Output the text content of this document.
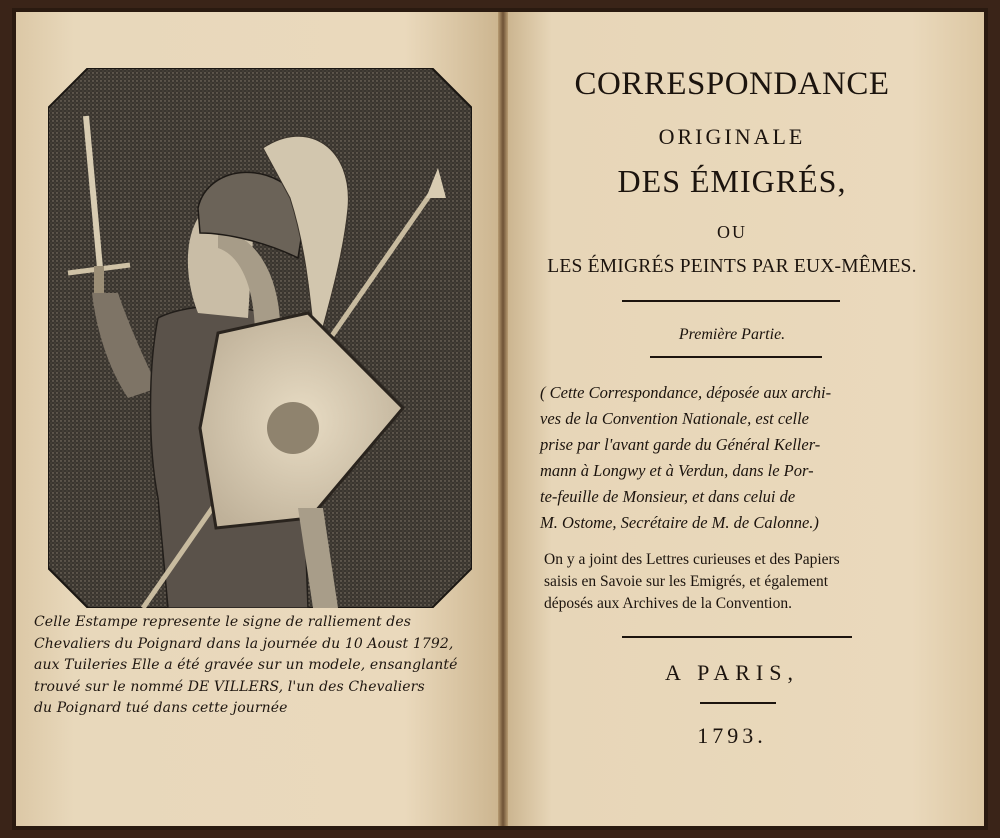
Celle Estampe represente le signe de ralliement des
Chevaliers du Poignard dans la journée du 10 Aoust 1792,
aux Tuileries Elle a été gravée sur un modele, ensanglanté
trouvé sur le nommé DE VILLERS, l'un des Chevaliers
du Poignard tué dans cette journée
CORRESPONDANCE
ORIGINALE
DES ÉMIGRÉS,
OU
LES ÉMIGRÉS PEINTS PAR EUX-MÊMES.
Première Partie.
( Cette Correspondance, déposée aux archi-
ves de la Convention Nationale, est celle
prise par l'avant garde du Général Keller-
mann à Longwy et à Verdun, dans le Por-
te-feuille de Monsieur, et dans celui de
M. Ostome, Secrétaire de M. de Calonne.)
On y a joint des Lettres curieuses et des Papiers
saisis en Savoie sur les Emigrés, et également
déposés aux Archives de la Convention.
A PARIS,
1793.
